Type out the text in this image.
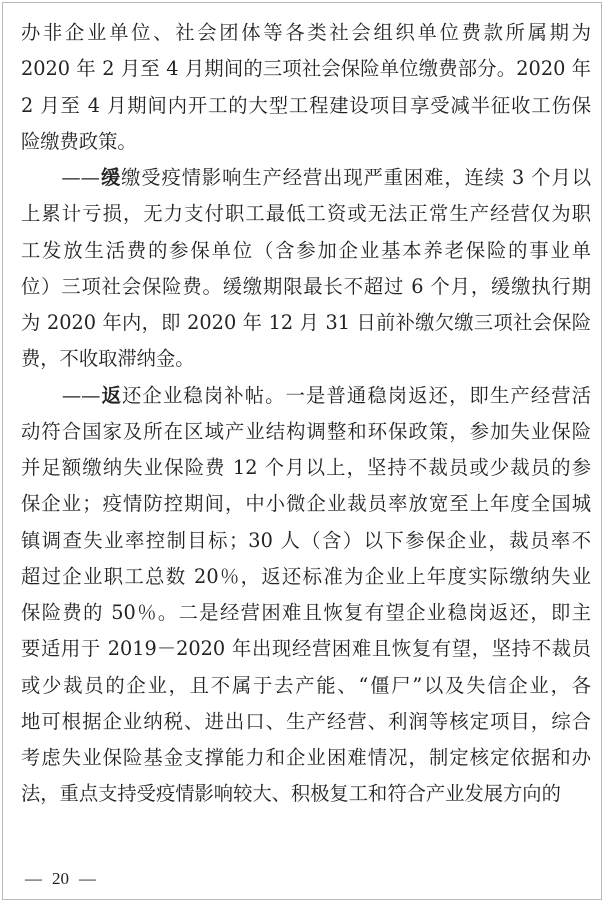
办非企业单位、社会团体等各类社会组织单位费款所属期为
2020 年 2 月至 4 月期间的三项社会保险单位缴费部分。2020 年
2 月至 4 月期间内开工的大型工程建设项目享受减半征收工伤保
险缴费政策。
　　——缓缴受疫情影响生产经营出现严重困难，连续 3 个月以
上累计亏损，无力支付职工最低工资或无法正常生产经营仅为职
工发放生活费的参保单位（含参加企业基本养老保险的事业单
位）三项社会保险费。缓缴期限最长不超过 6 个月，缓缴执行期
为 2020 年内，即 2020 年 12 月 31 日前补缴欠缴三项社会保险
费，不收取滞纳金。
　　——返还企业稳岗补帖。一是普通稳岗返还，即生产经营活
动符合国家及所在区域产业结构调整和环保政策，参加失业保险
并足额缴纳失业保险费 12 个月以上，坚持不裁员或少裁员的参
保企业；疫情防控期间，中小微企业裁员率放宽至上年度全国城
镇调查失业率控制目标；30 人（含）以下参保企业，裁员率不
超过企业职工总数 20％，返还标准为企业上年度实际缴纳失业
保险费的 50％。二是经营困难且恢复有望企业稳岗返还，即主
要适用于 2019－2020 年出现经营困难且恢复有望，坚持不裁员
或少裁员的企业，且不属于去产能、“僵尸”以及失信企业，各
地可根据企业纳税、进出口、生产经营、利润等核定项目，综合
考虑失业保险基金支撑能力和企业困难情况，制定核定依据和办
法，重点支持受疫情影响较大、积极复工和符合产业发展方向的
— 20 —
